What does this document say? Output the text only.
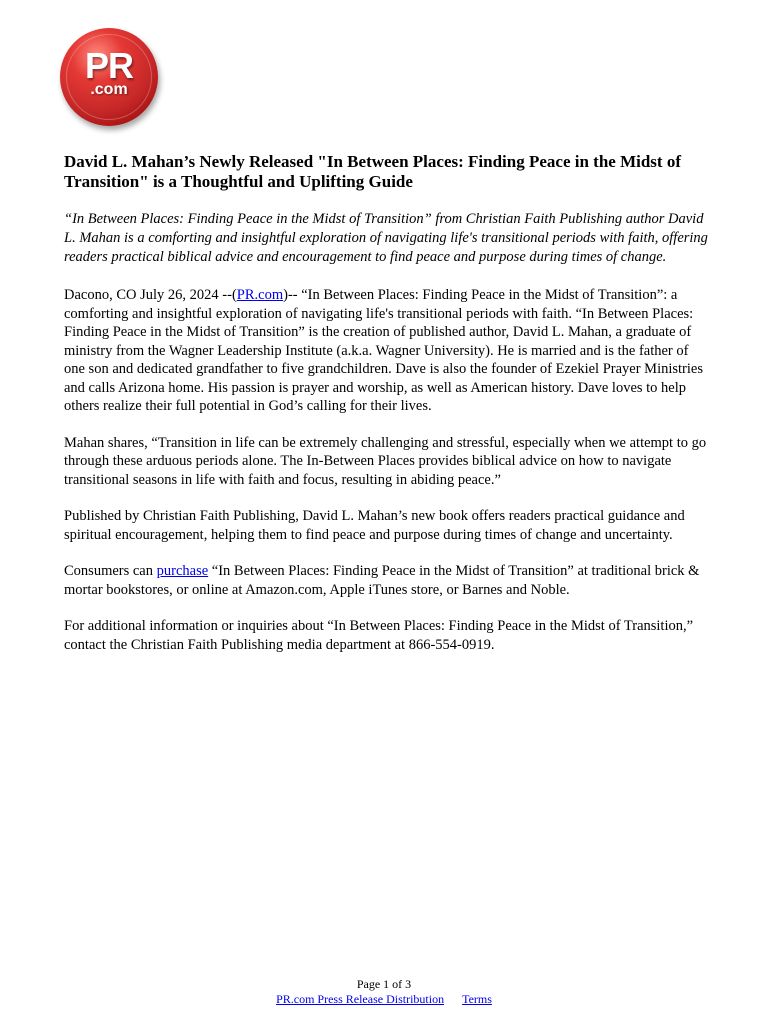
PR
.com
David L. Mahan’s Newly Released "In Between Places: Finding Peace in the Midst of Transition" is a Thoughtful and Uplifting Guide

“In Between Places: Finding Peace in the Midst of Transition” from Christian Faith Publishing author David L. Mahan is a comforting and insightful exploration of navigating life's transitional periods with faith, offering readers practical biblical advice and encouragement to find peace and purpose during times of change.

Dacono, CO July 26, 2024 --(PR.com)-- “In Between Places: Finding Peace in the Midst of Transition”: a comforting and insightful exploration of navigating life's transitional periods with faith. “In Between Places: Finding Peace in the Midst of Transition” is the creation of published author, David L. Mahan, a graduate of ministry from the Wagner Leadership Institute (a.k.a. Wagner University). He is married and is the father of one son and dedicated grandfather to five grandchildren. Dave is also the founder of Ezekiel Prayer Ministries and calls Arizona home. His passion is prayer and worship, as well as American history. Dave loves to help others realize their full potential in God’s calling for their lives.

Mahan shares, “Transition in life can be extremely challenging and stressful, especially when we attempt to go through these arduous periods alone. The In-Between Places provides biblical advice on how to navigate transitional seasons in life with faith and focus, resulting in abiding peace.”

Published by Christian Faith Publishing, David L. Mahan’s new book offers readers practical guidance and spiritual encouragement, helping them to find peace and purpose during times of change and uncertainty.

Consumers can purchase “In Between Places: Finding Peace in the Midst of Transition” at traditional brick & mortar bookstores, or online at Amazon.com, Apple iTunes store, or Barnes and Noble.

For additional information or inquiries about “In Between Places: Finding Peace in the Midst of Transition,” contact the Christian Faith Publishing media department at 866-554-0919.

Page 1 of 3
PR.com Press Release Distribution Terms
